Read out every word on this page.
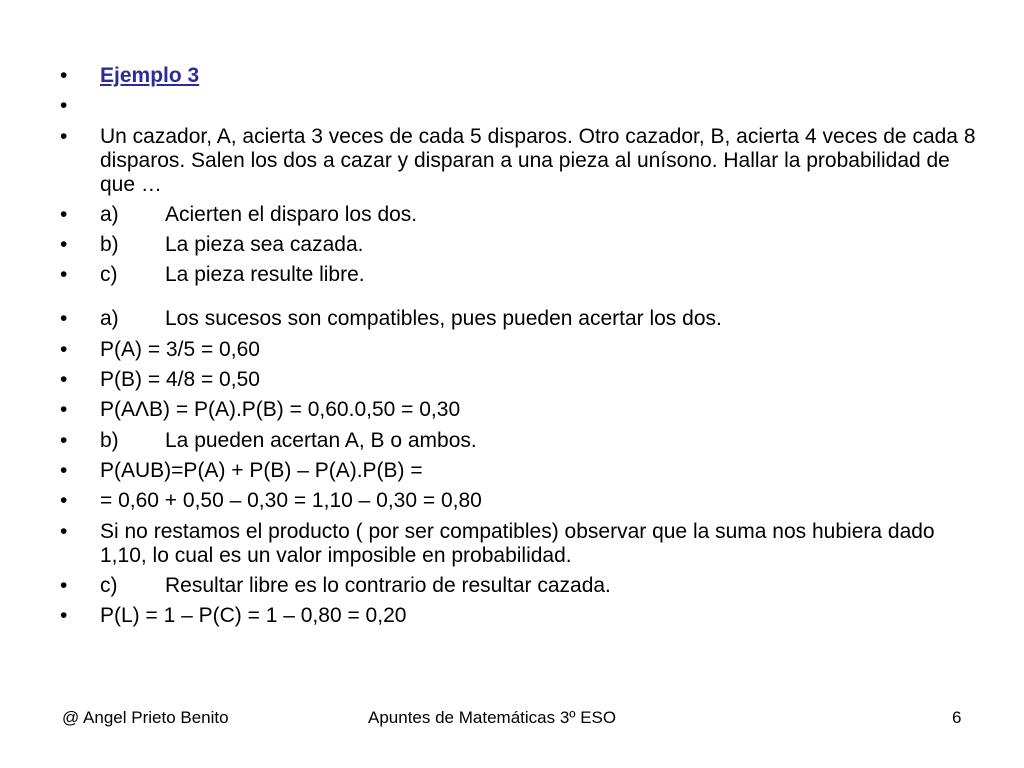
•	Ejemplo 3
•

•	Un cazador, A, acierta 3 veces de cada 5 disparos. Otro cazador, B, acierta 4 veces de cada 8 disparos. Salen los dos a cazar y disparan a una pieza al unísono. Hallar la probabilidad de que …
•	a) Acierten el disparo los dos.
•	b) La pieza sea cazada.
•	c) La pieza resulte libre.
•	a) Los sucesos son compatibles, pues pueden acertar los dos.
•	P(A) = 3/5 = 0,60
•	P(B) = 4/8 = 0,50
•	P(AΛB) = P(A).P(B) = 0,60.0,50 = 0,30
•	b) La pueden acertan A, B o ambos.
•	P(AUB)=P(A) + P(B) – P(A).P(B) =
•	= 0,60 + 0,50 – 0,30 = 1,10 – 0,30 = 0,80
•	Si no restamos el producto ( por ser compatibles) observar que la suma nos hubiera dado 1,10, lo cual es un valor imposible en probabilidad.
•	c) Resultar libre es lo contrario de resultar cazada.
•	P(L) = 1 – P(C) = 1 – 0,80 = 0,20
@ Angel Prieto Benito	Apuntes de Matemáticas 3º ESO	6
